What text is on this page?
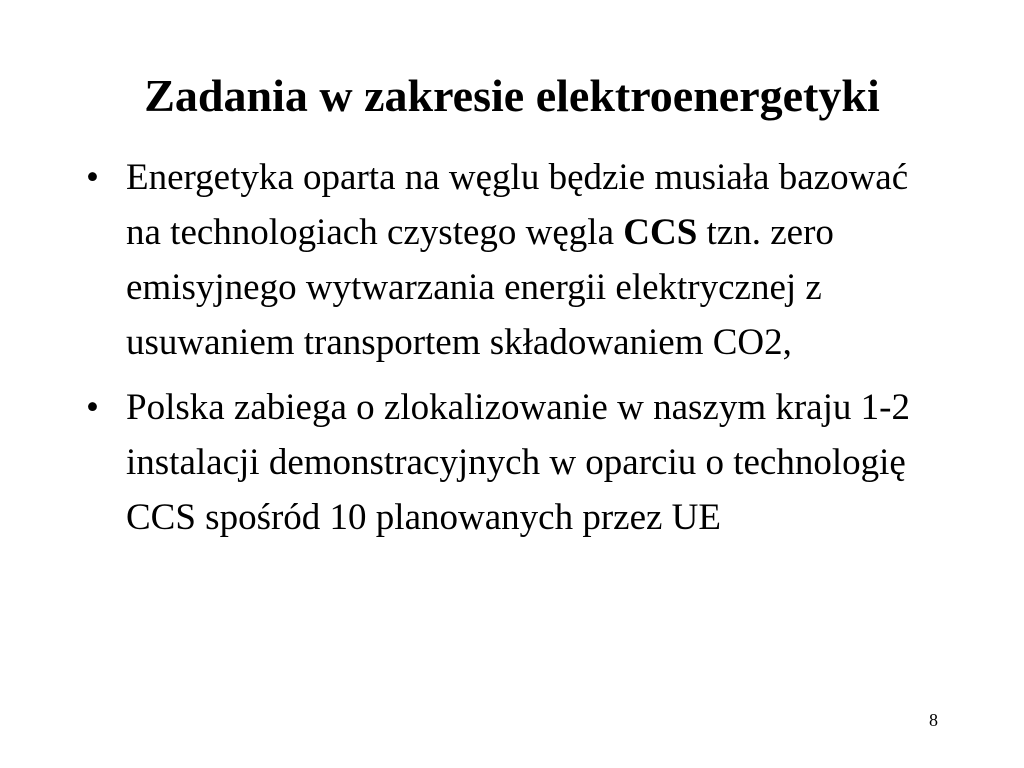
Zadania w zakresie elektroenergetyki
• Energetyka oparta na węglu będzie musiała bazować na technologiach czystego węgla CCS tzn. zero emisyjnego wytwarzania energii elektrycznej z usuwaniem transportem składowaniem CO2,
• Polska zabiega o zlokalizowanie w naszym kraju 1-2 instalacji demonstracyjnych w oparciu o technologię CCS spośród 10 planowanych przez UE
8
